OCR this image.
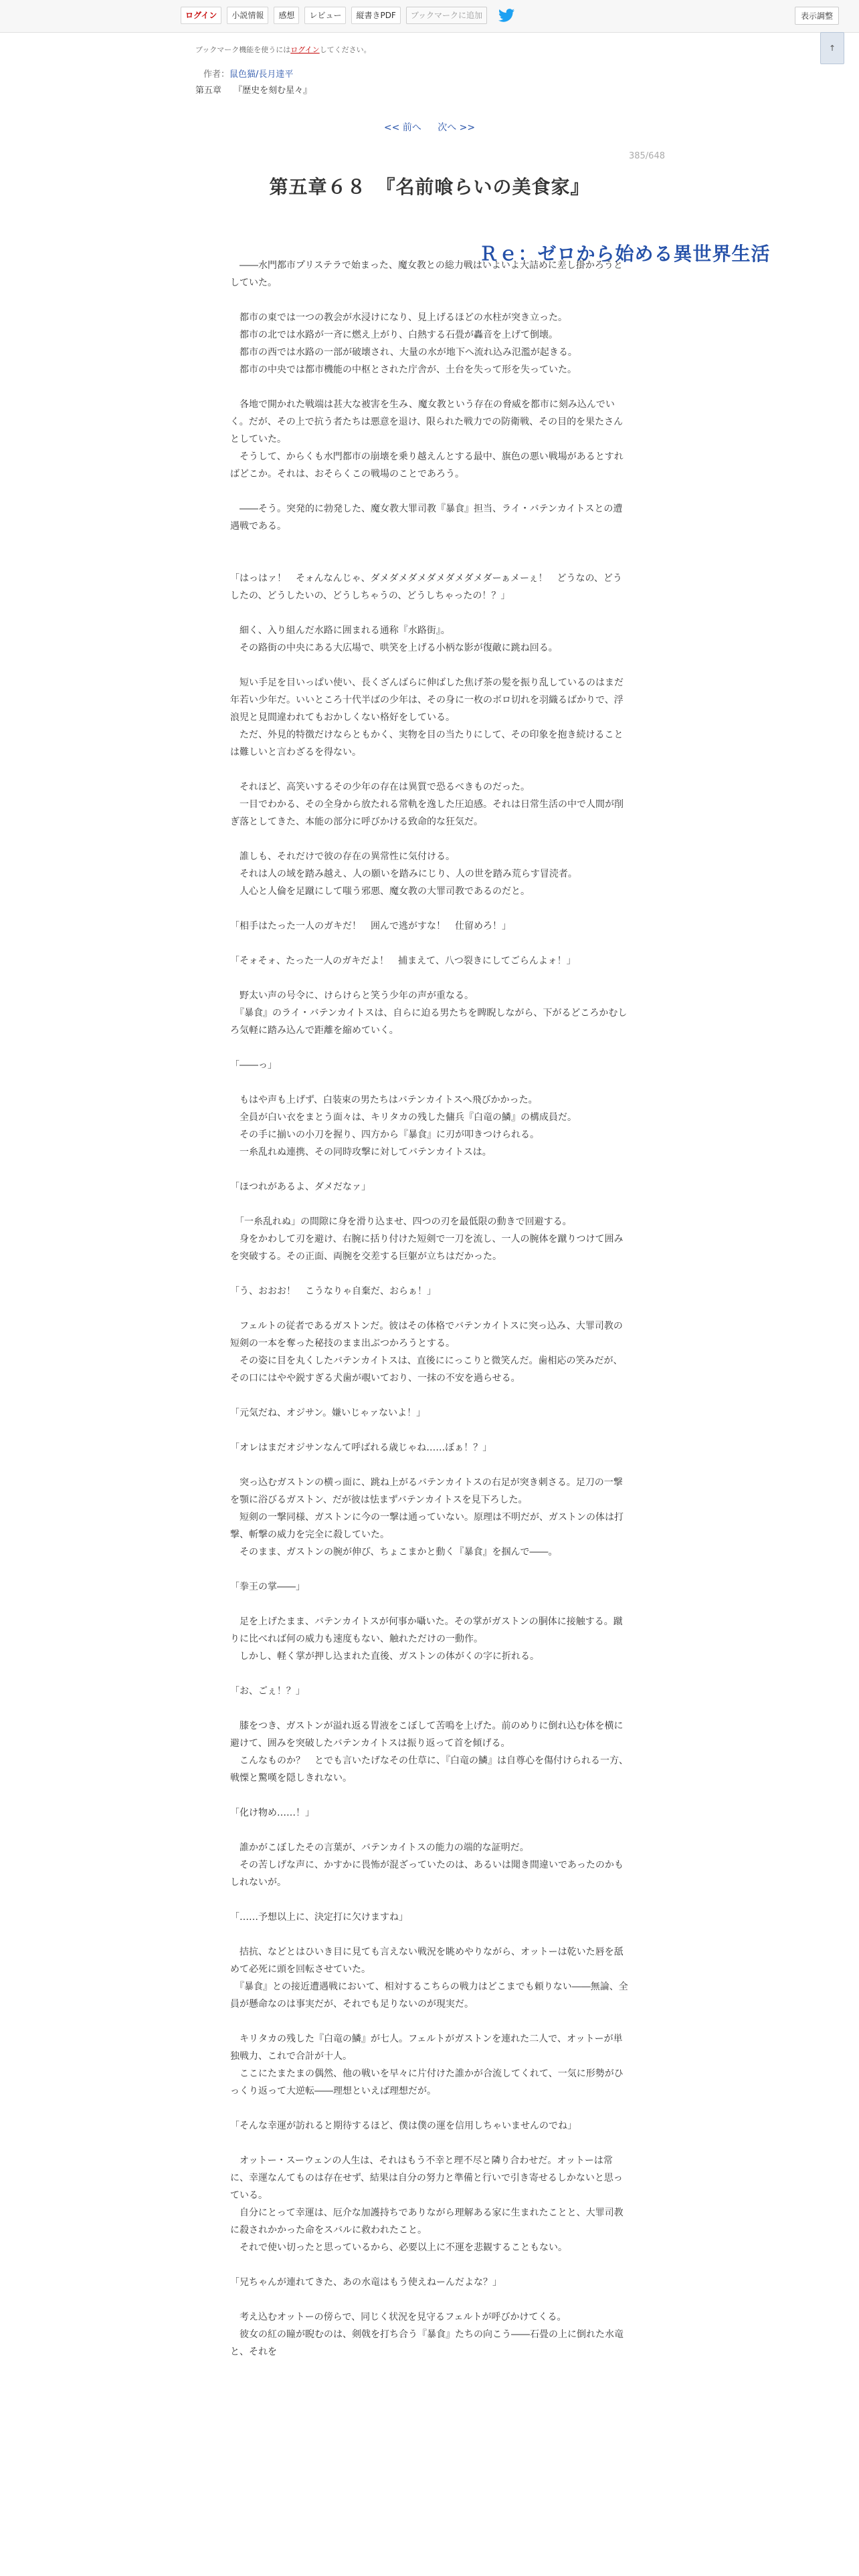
ログイン	小説情報	感想	レビュー	縦書きPDF	ブックマークに追加	表示調整
ブックマーク機能を使うにはログインしてください。	↑
Ｒｅ：ゼロから始める異世界生活
作者：鼠色猫/長月達平
第五章 『歴史を刻む星々』
<< 前へ 次へ >>
385/648
第五章６８　『名前喰らいの美食家』

　――水門都市プリステラで始まった、魔女教との総力戦はいよいよ大詰めに差し掛かろうとしていた。

　都市の東では一つの教会が水浸けになり、見上げるほどの水柱が突き立った。
　都市の北では水路が一斉に燃え上がり、白熱する石畳が轟音を上げて倒壊。
　都市の西では水路の一部が破壊され、大量の水が地下へ流れ込み氾濫が起きる。
　都市の中央では都市機能の中枢とされた庁舎が、土台を失って形を失っていた。

　各地で開かれた戦端は甚大な被害を生み、魔女教という存在の脅威を都市に刻み込んでいく。だが、その上で抗う者たちは悪意を退け、限られた戦力での防衛戦、その目的を果たさんとしていた。
　そうして、からくも水門都市の崩壊を乗り越えんとする最中、旗色の悪い戦場があるとすればどこか。それは、おそらくこの戦場のことであろう。

　――そう。突発的に勃発した、魔女教大罪司教『暴食』担当、ライ・バテンカイトスとの遭遇戦である。

「はっはァ！　そォんなんじゃ、ダメダメダメダメダメダメダーぁメーぇ！　どうなの、どうしたの、どうしたいの、どうしちゃうの、どうしちゃったの！？」

　細く、入り組んだ水路に囲まれる通称『水路街』。
　その路街の中央にある大広場で、哄笑を上げる小柄な影が復敵に跳ね回る。

　短い手足を目いっぱい使い、長くざんばらに伸ばした焦げ茶の髪を振り乱しているのはまだ年若い少年だ。いいところ十代半ばの少年は、その身に一枚のボロ切れを羽織るばかりで、浮浪児と見間違われてもおかしくない格好をしている。
　ただ、外見的特徴だけならともかく、実物を目の当たりにして、その印象を抱き続けることは難しいと言わざるを得ない。

　それほど、高笑いするその少年の存在は異質で恐るべきものだった。
　一目でわかる、その全身から放たれる常軌を逸した圧迫感。それは日常生活の中で人間が削ぎ落としてきた、本能の部分に呼びかける致命的な狂気だ。

　誰しも、それだけで彼の存在の異常性に気付ける。
　それは人の域を踏み越え、人の願いを踏みにじり、人の世を踏み荒らす冒涜者。
　人心と人倫を足蹴にして嗤う邪悪、魔女教の大罪司教であるのだと。

「相手はたった一人のガキだ！　囲んで逃がすな！　仕留めろ！」

「そォそォ、たった一人のガキだよ！　捕まえて、八つ裂きにしてごらんよォ！」

　野太い声の号令に、けらけらと笑う少年の声が重なる。
　『暴食』のライ・バテンカイトスは、自らに迫る男たちを睥睨しながら、下がるどころかむしろ気軽に踏み込んで距離を縮めていく。

「――っ」

　もはや声も上げず、白装束の男たちはバテンカイトスへ飛びかかった。
　全員が白い衣をまとう面々は、キリタカの残した傭兵『白竜の鱗』の構成員だ。
　その手に揃いの小刀を握り、四方から『暴食』に刃が叩きつけられる。
　一糸乱れぬ連携、その同時攻撃に対してバテンカイトスは。

「ほつれがあるよ、ダメだなァ」

　「一糸乱れぬ」の間隙に身を滑り込ませ、四つの刃を最低限の動きで回避する。
　身をかわして刃を避け、右腕に括り付けた短剣で一刀を流し、一人の腕体を蹴りつけて囲みを突破する。その正面、両腕を交差する巨躯が立ちはだかった。

「う、おおお！　こうなりゃ自棄だ、おらぁ！」

　フェルトの従者であるガストンだ。彼はその体格でバテンカイトスに突っ込み、大罪司教の短剣の一本を奪った秘技のまま出ぶつかろうとする。
　その姿に目を丸くしたバテンカイトスは、直後ににっこりと微笑んだ。歯相応の笑みだが、その口にはやや鋭すぎる犬歯が覗いており、一抹の不安を過らせる。

「元気だね、オジサン。嫌いじゃァないよ！」

「オレはまだオジサンなんて呼ばれる歳じゃね……ぼぁ！？」

　突っ込むガストンの横っ面に、跳ね上がるバテンカイトスの右足が突き刺さる。足刀の一撃を顎に浴びるガストン、だが彼は怯まずバテンカイトスを見下ろした。
　短剣の一撃同様、ガストンに今の一撃は通っていない。原理は不明だが、ガストンの体は打撃、斬撃の威力を完全に殺していた。
　そのまま、ガストンの腕が伸び、ちょこまかと動く『暴食』を掴んで――。

「拳王の掌――」

　足を上げたまま、バテンカイトスが何事か囁いた。その掌がガストンの胴体に接触する。蹴りに比べれば何の威力も速度もない、触れただけの一動作。
　しかし、軽く掌が押し込まれた直後、ガストンの体がくの字に折れる。

「お、ごぇ！？」

　膝をつき、ガストンが溢れ返る胃液をこぼして苦鳴を上げた。前のめりに倒れ込む体を横に避けて、囲みを突破したバテンカイトスは振り返って首を傾げる。
　こんなものか？　とでも言いたげなその仕草に、『白竜の鱗』は自尊心を傷付けられる一方、戦慄と驚嘆を隠しきれない。

「化け物め……！」

　誰かがこぼしたその言葉が、バテンカイトスの能力の端的な証明だ。
　その苦しげな声に、かすかに畏怖が混ざっていたのは、あるいは聞き間違いであったのかもしれないが。

「……予想以上に、決定打に欠けますね」

　拮抗、などとはひいき目に見ても言えない戦況を眺めやりながら、オットーは乾いた唇を舐めて必死に頭を回転させていた。
　『暴食』との接近遭遇戦において、相対するこちらの戦力はどこまでも頼りない――無論、全員が懸命なのは事実だが、それでも足りないのが現実だ。

　キリタカの残した『白竜の鱗』が七人。フェルトがガストンを連れた二人で、オットーが単独戦力、これで合計が十人。
　ここにたまたまの偶然、他の戦いを早々に片付けた誰かが合流してくれて、一気に形勢がひっくり返って大逆転――理想といえば理想だが。

「そんな幸運が訪れると期待するほど、僕は僕の運を信用しちゃいませんのでね」

　オットー・スーウェンの人生は、それはもう不幸と理不尽と隣り合わせだ。オットーは常に、幸運なんてものは存在せず、結果は自分の努力と準備と行いで引き寄せるしかないと思っている。
　自分にとって幸運は、厄介な加護持ちでありながら理解ある家に生まれたことと、大罪司教に殺されかかった命をスバルに救われたこと。
　それで使い切ったと思っているから、必要以上に不運を悲観することもない。

「兄ちゃんが連れてきた、あの水竜はもう使えねーんだよな？」

　考え込むオットーの傍らで、同じく状況を見守るフェルトが呼びかけてくる。
　彼女の紅の瞳が睨むのは、剣戟を打ち合う『暴食』たちの向こう――石畳の上に倒れた水竜と、それを
